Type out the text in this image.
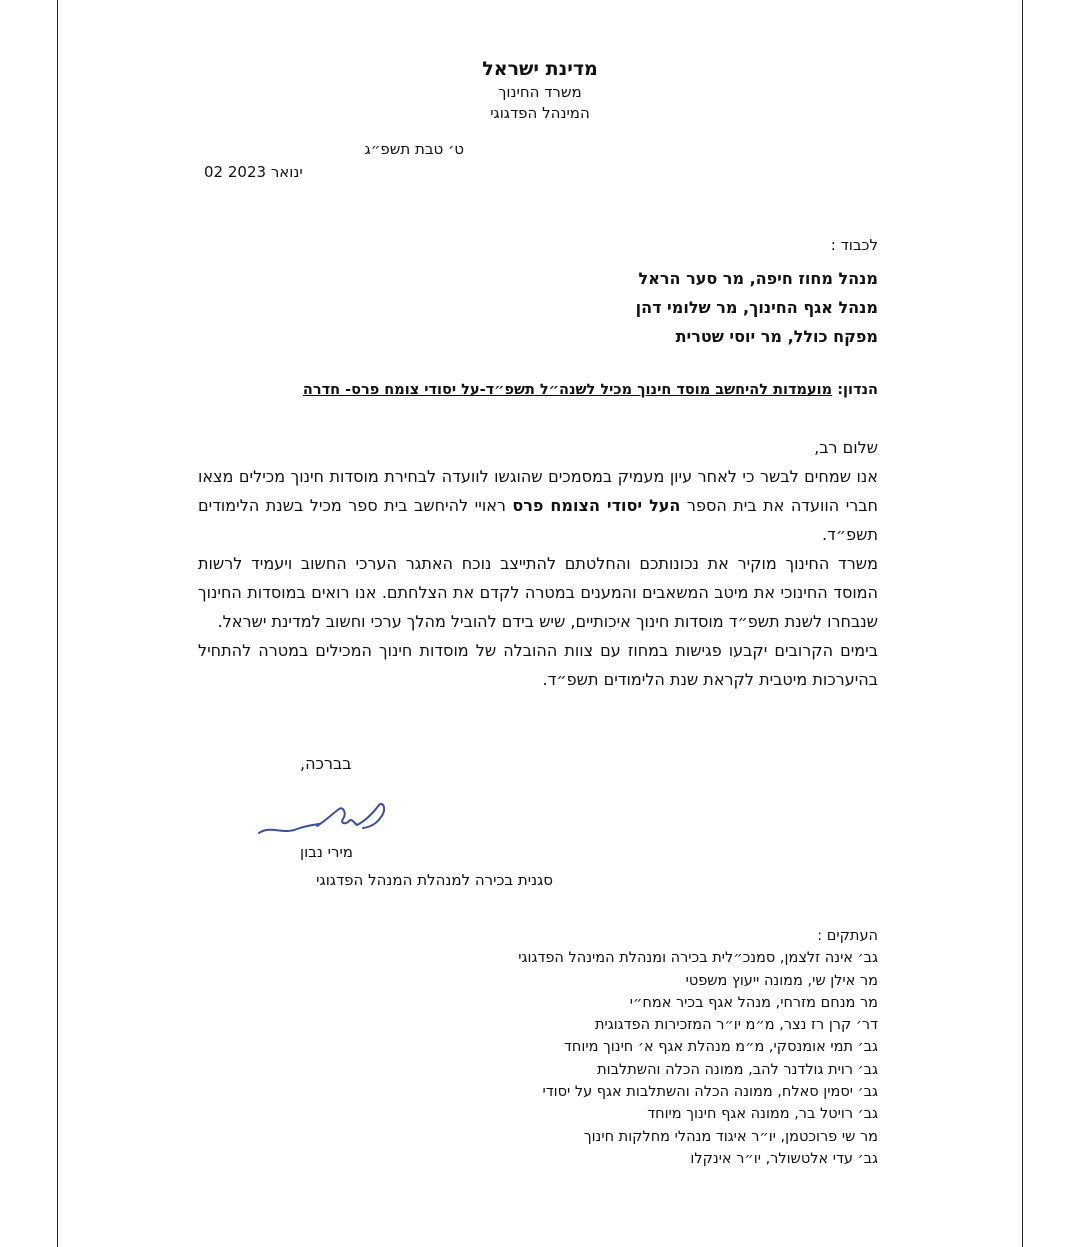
מדינת ישראל
משרד החינוך
המינהל הפדגוגי
ט׳ טבת תשפ״ג
02 ינואר 2023
לכבוד :
מנהל מחוז חיפה, מר סער הראל
מנהל אגף החינוך, מר שלומי דהן
מפקח כולל, מר יוסי שטרית
הנדון: מועמדות להיחשב מוסד חינוך מכיל לשנה״ל תשפ״ד-על יסודי צומח פרס- חדרה

שלום רב,

אנו שמחים לבשר כי לאחר עיון מעמיק במסמכים שהוגשו לוועדה לבחירת מוסדות חינוך מכילים מצאו חברי הוועדה את בית הספר העל יסודי הצומח פרס ראויי להיחשב בית ספר מכיל בשנת הלימודים תשפ״ד.

משרד החינוך מוקיר את נכונותכם והחלטתם להתייצב נוכח האתגר הערכי החשוב ויעמיד לרשות המוסד החינוכי את מיטב המשאבים והמענים במטרה לקדם את הצלחתם. אנו רואים במוסדות החינוך שנבחרו לשנת תשפ״ד מוסדות חינוך איכותיים, שיש בידם להוביל מהלך ערכי וחשוב למדינת ישראל.

בימים הקרובים יקבעו פגישות במחוז עם צוות ההובלה של מוסדות חינוך המכילים במטרה להתחיל בהיערכות מיטבית לקראת שנת הלימודים תשפ״ד.

בברכה,
מירי נבון
סגנית בכירה למנהלת המנהל הפדגוגי
העתקים :
גב׳ אינה זלצמן, סמנכ״לית בכירה ומנהלת המינהל הפדגוגי
מר אילן שי, ממונה ייעוץ משפטי
מר מנחם מזרחי, מנהל אגף בכיר אמח״י
דר׳ קרן רז נצר, מ״מ יו״ר המזכירות הפדגוגית
גב׳ תמי אומנסקי, מ״מ מנהלת אגף א׳ חינוך מיוחד
גב׳ רוית גולדנר להב, ממונה הכלה והשתלבות
גב׳ יסמין סאלח, ממונה הכלה והשתלבות אגף על יסודי
גב׳ רויטל בר, ממונה אגף חינוך מיוחד
מר שי פרוכטמן, יו״ר איגוד מנהלי מחלקות חינוך
גב׳ עדי אלטשולר, יו״ר אינקלו
